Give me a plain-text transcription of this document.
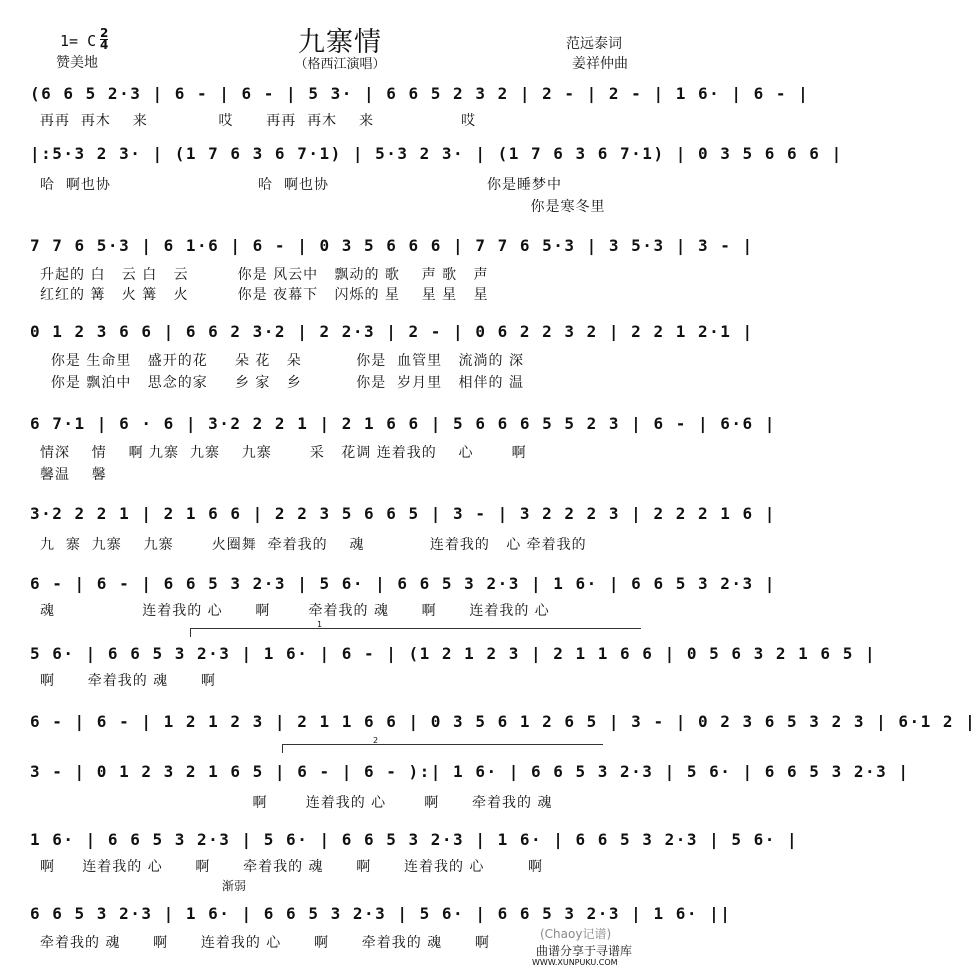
九寨情
（格西江演唱）
1= C $\frac{2}{4}$
赞美地
范远泰词
姜祥仲曲
(6 6 5 2·3 | 6 - | 6 - | 5 3· | 6 6 5 2 3 2 | 2 - | 2 - | 1 6· | 6 - |
再再  再木    来             哎      再再  再木    来                哎
|:5·3 2 3· | (1 7 6 3 6 7·1) | 5·3 2 3· | (1 7 6 3 6 7·1) | 0 3 5 6 6 6 |
哈  啊也协                           哈  啊也协                             你是睡梦中
你是寒冬里
7 7 6 5·3 | 6 1·6 | 6 - | 0 3 5 6 6 6 | 7 7 6 5·3 | 3 5·3 | 3 - |
升起的 白   云 白   云         你是 风云中   飘动的 歌    声 歌   声
红红的 篝   火 篝   火         你是 夜幕下   闪烁的 星    星 星   星
0 1 2 3 6 6 | 6 6 2 3·2 | 2 2·3 | 2 - | 0 6 2 2 3 2 | 2 2 1 2·1 |
你是 生命里   盛开的花     朵 花   朵          你是  血管里   流淌的 深
你是 飘泊中   思念的家     乡 家   乡          你是  岁月里   相伴的 温
6 7·1 | 6 · 6 | 3·2 2 2 1 | 2 1 6 6 | 5 6 6 6 5 5 2 3 | 6 - | 6·6 |
情深    情    啊 九寨  九寨    九寨       采   花调 连着我的    心       啊
馨温    馨
3·2 2 2 1 | 2 1 6 6 | 2 2 3 5 6 6 5 | 3 - | 3 2 2 2 3 | 2 2 2 1 6 |
九  寨  九寨    九寨       火圈舞  牵着我的    魂            连着我的   心 牵着我的
6 - | 6 - | 6 6 5 3 2·3 | 5 6· | 6 6 5 3 2·3 | 1 6· | 6 6 5 3 2·3 |
魂                连着我的 心      啊       牵着我的 魂      啊      连着我的 心
1
5 6· | 6 6 5 3 2·3 | 1 6· | 6 - | (1 2 1 2 3 | 2 1 1 6 6 | 0 5 6 3 2 1 6 5 |
啊      牵着我的 魂      啊
6 - | 6 - | 1 2 1 2 3 | 2 1 1 6 6 | 0 3 5 6 1 2 6 5 | 3 - | 0 2 3 6 5 3 2 3 | 6·1 2 |
2
3 - | 0 1 2 3 2 1 6 5 | 6 - | 6 - ):| 1 6· | 6 6 5 3 2·3 | 5 6· | 6 6 5 3 2·3 |
啊       连着我的 心       啊      牵着我的 魂
1 6· | 6 6 5 3 2·3 | 5 6· | 6 6 5 3 2·3 | 1 6· | 6 6 5 3 2·3 | 5 6· |
啊     连着我的 心      啊      牵着我的 魂      啊      连着我的 心        啊
渐弱
6 6 5 3 2·3 | 1 6· | 6 6 5 3 2·3 | 5 6· | 6 6 5 3 2·3 | 1 6· ||
牵着我的 魂      啊      连着我的 心      啊      牵着我的 魂      啊
(Chaoy记谱)
曲谱分享于寻谱库
WWW.XUNPUKU.COM
